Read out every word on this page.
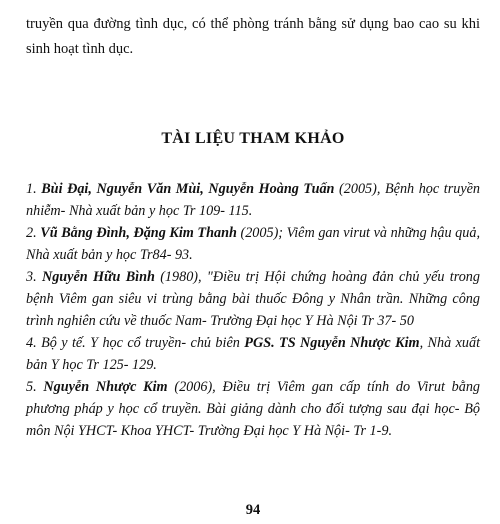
truyền qua đường tình dục, có thể phòng tránh bằng sử dụng bao cao su khi sinh hoạt tình dục.

TÀI LIỆU THAM KHẢO
1. Bùi Đại, Nguyễn Văn Mùi, Nguyễn Hoàng Tuấn (2005), Bệnh học truyền nhiễm- Nhà xuất bản y học Tr 109- 115.
2. Vũ Bằng Đình, Đặng Kim Thanh (2005); Viêm gan virut và những hậu quả, Nhà xuất bản y học Tr84- 93.
3. Nguyễn Hữu Bình (1980), "Điều trị Hội chứng hoàng đản chủ yếu trong bệnh Viêm gan siêu vi trùng bằng bài thuốc Đông y Nhân trần. Những công trình nghiên cứu về thuốc Nam- Trường Đại học Y Hà Nội Tr 37- 50
4. Bộ y tế. Y học cổ truyền- chủ biên PGS. TS Nguyễn Nhược Kim, Nhà xuất bản Y học Tr 125- 129.
5. Nguyễn Nhược Kim (2006), Điều trị Viêm gan cấp tính do Virut bằng phương pháp y học cổ truyền. Bài giảng dành cho đối tượng sau đại học- Bộ môn Nội YHCT- Khoa YHCT- Trường Đại học Y Hà Nội- Tr 1-9.

94
